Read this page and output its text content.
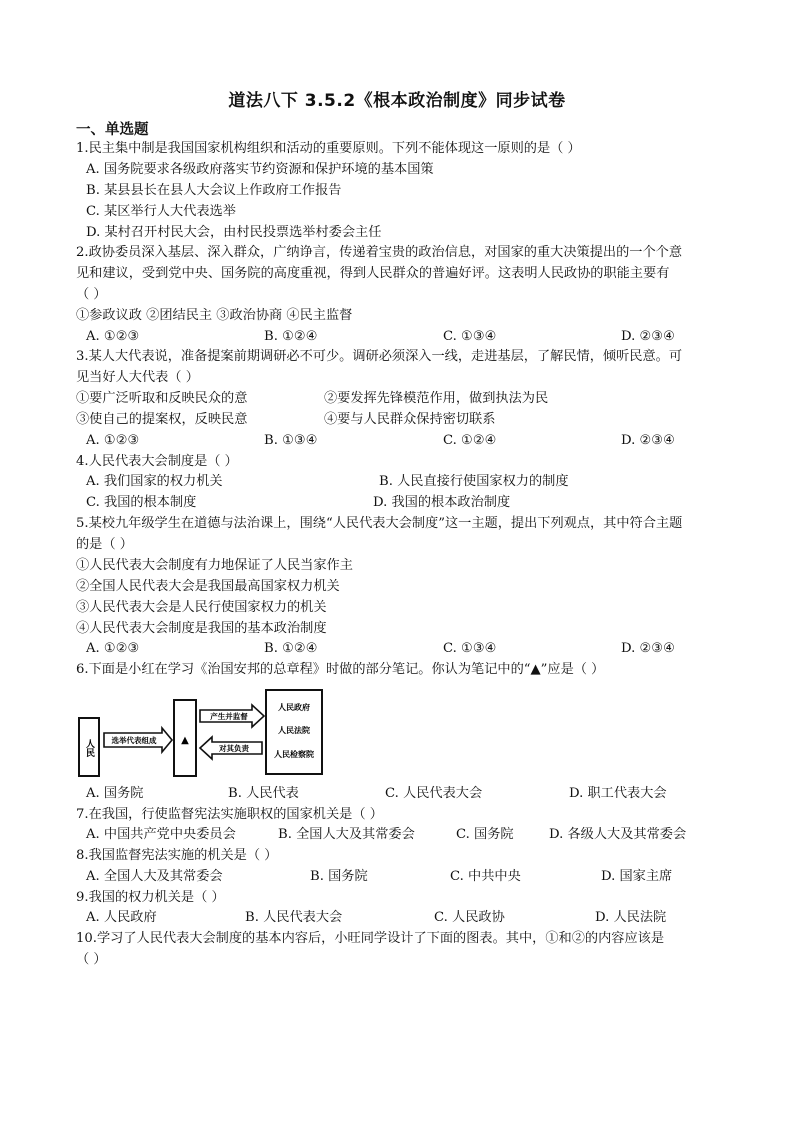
道法八下 3.5.2《根本政治制度》同步试卷
一、单选题
1.民主集中制是我国国家机构组织和活动的重要原则。下列不能体现这一原则的是（ ）
A. 国务院要求各级政府落实节约资源和保护环境的基本国策
B. 某县县长在县人大会议上作政府工作报告
C. 某区举行人大代表选举
D. 某村召开村民大会，由村民投票选举村委会主任
2.政协委员深入基层、深入群众，广纳诤言，传递着宝贵的政治信息，对国家的重大决策提出的一个个意
见和建议，受到党中央、国务院的高度重视，得到人民群众的普遍好评。这表明人民政协的职能主要有
（ ）
①参政议政 ②团结民主 ③政治协商 ④民主监督
A. ①②③	B. ①②④	C. ①③④	D. ②③④
3.某人大代表说，准备提案前期调研必不可少。调研必须深入一线，走进基层，了解民情，倾听民意。可
见当好人大代表（ ）
①要广泛听取和反映民众的意	②要发挥先锋模范作用，做到执法为民
③使自己的提案权，反映民意	④要与人民群众保持密切联系
A. ①②③	B. ①③④	C. ①②④	D. ②③④
4.人民代表大会制度是（ ）
A. 我们国家的权力机关	B. 人民直接行使国家权力的制度
C. 我国的根本制度	D. 我国的根本政治制度
5.某校九年级学生在道德与法治课上，围绕“人民代表大会制度”这一主题，提出下列观点，其中符合主题
的是（ ）
①人民代表大会制度有力地保证了人民当家作主
②全国人民代表大会是我国最高国家权力机关
③人民代表大会是人民行使国家权力的机关
④人民代表大会制度是我国的基本政治制度
A. ①②③	B. ①②④	C. ①③④	D. ②③④
6.下面是小红在学习《治国安邦的总章程》时做的部分笔记。你认为笔记中的“▲”应是（ ）
人民 选举代表组成 ▲
产生并监督
对其负责
人民政府
人民法院
人民检察院
A. 国务院	B. 人民代表	C. 人民代表大会	D. 职工代表大会
7.在我国，行使监督宪法实施职权的国家机关是（ ）
A. 中国共产党中央委员会	B. 全国人大及其常委会	C. 国务院	D. 各级人大及其常委会
8.我国监督宪法实施的机关是（ ）
A. 全国人大及其常委会	B. 国务院	C. 中共中央	D. 国家主席
9.我国的权力机关是（ ）
A. 人民政府	B. 人民代表大会	C. 人民政协	D. 人民法院
10.学习了人民代表大会制度的基本内容后，小旺同学设计了下面的图表。其中，①和②的内容应该是
（ ）
